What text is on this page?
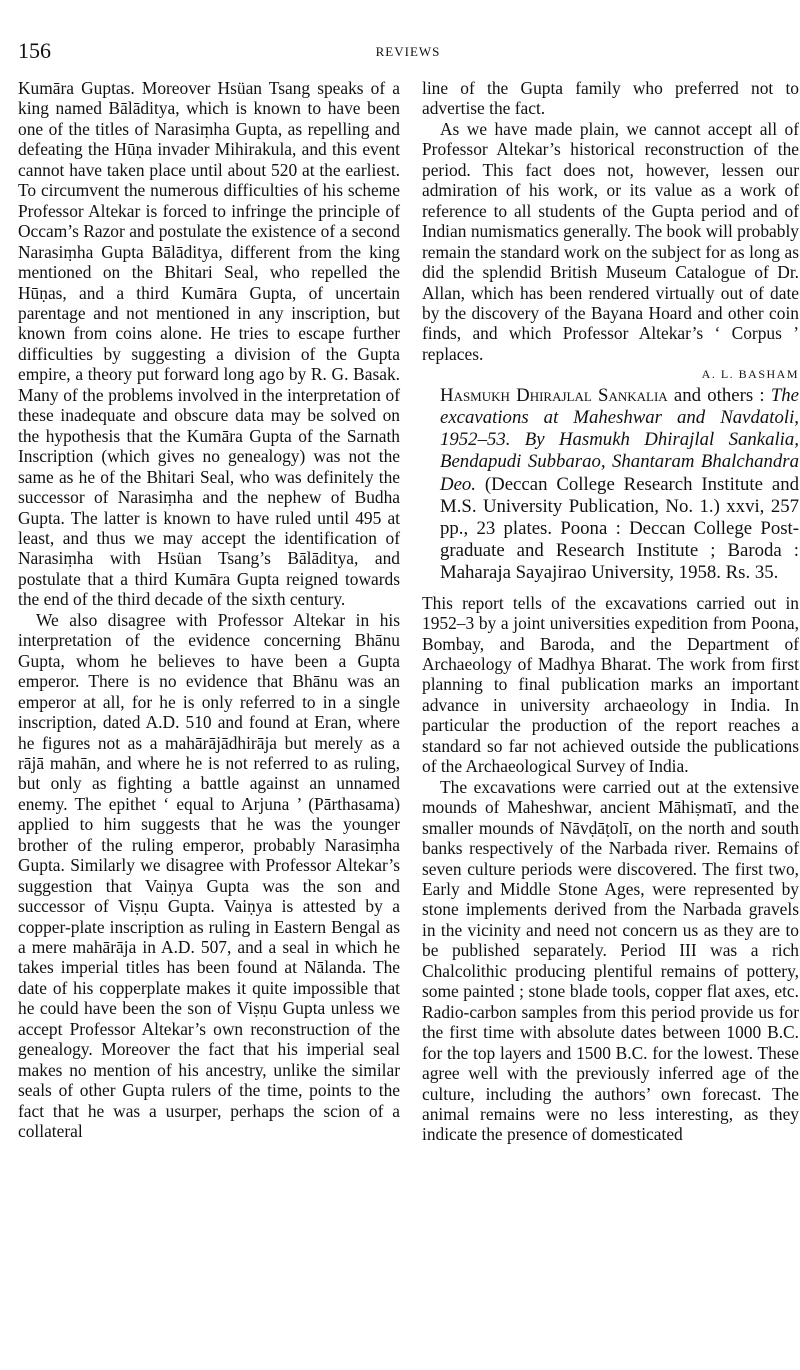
156	REVIEWS

Kumāra Guptas. Moreover Hsüan Tsang speaks of a king named Bālāditya, which is known to have been one of the titles of Narasiṃha Gupta, as repelling and defeating the Hūṇa invader Mihirakula, and this event cannot have taken place until about 520 at the earliest. To circumvent the numerous difficulties of his scheme Professor Altekar is forced to infringe the principle of Occam’s Razor and postulate the existence of a second Narasiṃha Gupta Bālāditya, different from the king mentioned on the Bhitari Seal, who repelled the Hūṇas, and a third Kumāra Gupta, of uncertain parentage and not mentioned in any inscription, but known from coins alone. He tries to escape further difficulties by suggesting a division of the Gupta empire, a theory put forward long ago by R. G. Basak. Many of the problems involved in the interpretation of these inadequate and obscure data may be solved on the hypothesis that the Kumāra Gupta of the Sarnath Inscription (which gives no genealogy) was not the same as he of the Bhitari Seal, who was definitely the successor of Narasiṃha and the nephew of Budha Gupta. The latter is known to have ruled until 495 at least, and thus we may accept the identification of Narasiṃha with Hsüan Tsang’s Bālāditya, and postulate that a third Kumāra Gupta reigned towards the end of the third decade of the sixth century.

We also disagree with Professor Altekar in his interpretation of the evidence concerning Bhānu Gupta, whom he believes to have been a Gupta emperor. There is no evidence that Bhānu was an emperor at all, for he is only referred to in a single inscription, dated A.D. 510 and found at Eran, where he figures not as a mahārājādhirāja but merely as a rājā mahān, and where he is not referred to as ruling, but only as fighting a battle against an unnamed enemy. The epithet ‘ equal to Arjuna ’ (Pārthasama) applied to him suggests that he was the younger brother of the ruling emperor, probably Narasiṃha Gupta. Similarly we disagree with Professor Altekar’s suggestion that Vaiṇya Gupta was the son and successor of Viṣṇu Gupta. Vaiṇya is attested by a copper-plate inscription as ruling in Eastern Bengal as a mere mahārāja in A.D. 507, and a seal in which he takes imperial titles has been found at Nālanda. The date of his copperplate makes it quite impossible that he could have been the son of Viṣṇu Gupta unless we accept Professor Altekar’s own reconstruction of the genealogy. Moreover the fact that his imperial seal makes no mention of his ancestry, unlike the similar seals of other Gupta rulers of the time, points to the fact that he was a usurper, perhaps the scion of a collateral

line of the Gupta family who preferred not to advertise the fact.

As we have made plain, we cannot accept all of Professor Altekar’s historical reconstruction of the period. This fact does not, however, lessen our admiration of his work, or its value as a work of reference to all students of the Gupta period and of Indian numismatics generally. The book will probably remain the standard work on the subject for as long as did the splendid British Museum Catalogue of Dr. Allan, which has been rendered virtually out of date by the discovery of the Bayana Hoard and other coin finds, and which Professor Altekar’s ‘ Corpus ’ replaces.

A. L. BASHAM

Hasmukh Dhirajlal Sankalia and others : The excavations at Maheshwar and Navdatoli, 1952–53. By Hasmukh Dhirajlal Sankalia, Bendapudi Subbarao, Shantaram Bhalchandra Deo. (Deccan College Research Institute and M.S. University Publication, No. 1.) xxvi, 257 pp., 23 plates. Poona : Deccan College Post-graduate and Research Institute ; Baroda : Maharaja Sayajirao University, 1958. Rs. 35.

This report tells of the excavations carried out in 1952–3 by a joint universities expedition from Poona, Bombay, and Baroda, and the Department of Archaeology of Madhya Bharat. The work from first planning to final publication marks an important advance in university archaeology in India. In particular the production of the report reaches a standard so far not achieved outside the publications of the Archaeological Survey of India.

The excavations were carried out at the extensive mounds of Maheshwar, ancient Māhiṣmatī, and the smaller mounds of Nāvḍāṭolī, on the north and south banks respectively of the Narbada river. Remains of seven culture periods were discovered. The first two, Early and Middle Stone Ages, were represented by stone implements derived from the Narbada gravels in the vicinity and need not concern us as they are to be published separately. Period III was a rich Chalcolithic producing plentiful remains of pottery, some painted ; stone blade tools, copper flat axes, etc. Radio-carbon samples from this period provide us for the first time with absolute dates between 1000 B.C. for the top layers and 1500 B.C. for the lowest. These agree well with the previously inferred age of the culture, including the authors’ own forecast. The animal remains were no less interesting, as they indicate the presence of domesticated
